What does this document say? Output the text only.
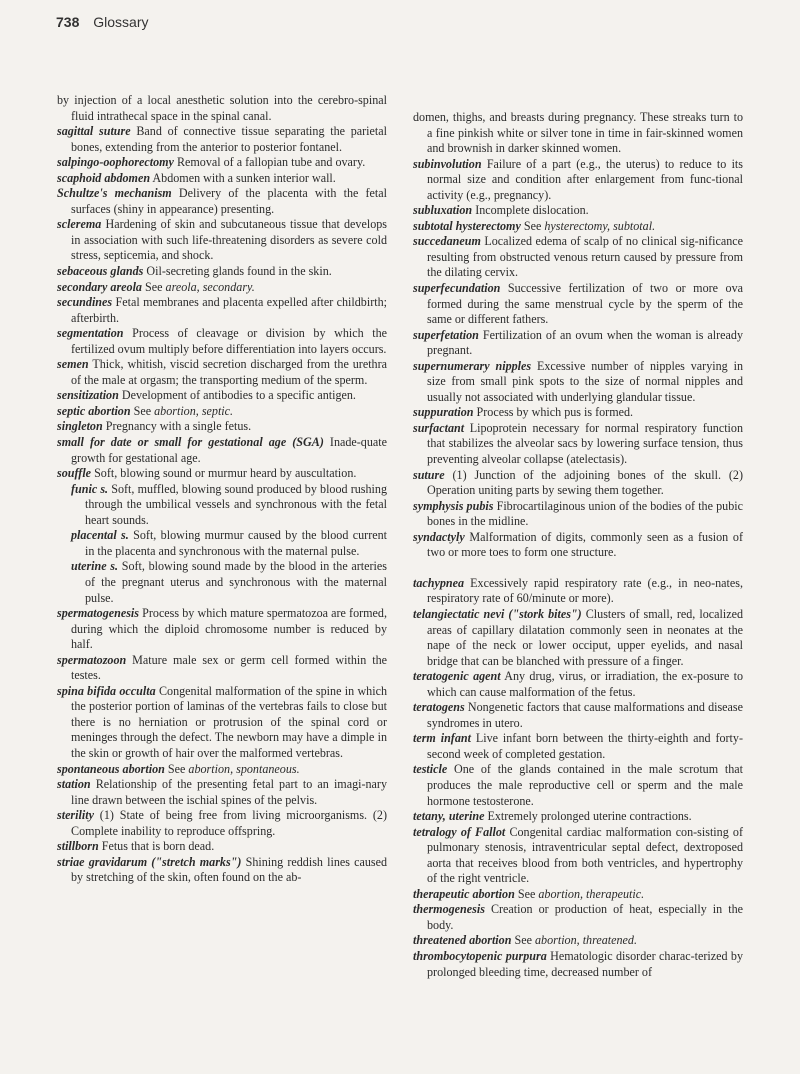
738 Glossary

by injection of a local anesthetic solution into the cerebro-spinal fluid intrathecal space in the spinal canal.

sagittal suture Band of connective tissue separating the parietal bones, extending from the anterior to posterior fontanel.

salpingo-oophorectomy Removal of a fallopian tube and ovary.

scaphoid abdomen Abdomen with a sunken interior wall.

Schultze's mechanism Delivery of the placenta with the fetal surfaces (shiny in appearance) presenting.

sclerema Hardening of skin and subcutaneous tissue that develops in association with such life-threatening disorders as severe cold stress, septicemia, and shock.

sebaceous glands Oil-secreting glands found in the skin.

secondary areola See areola, secondary.

secundines Fetal membranes and placenta expelled after childbirth; afterbirth.

segmentation Process of cleavage or division by which the fertilized ovum multiply before differentiation into layers occurs.

semen Thick, whitish, viscid secretion discharged from the urethra of the male at orgasm; the transporting medium of the sperm.

sensitization Development of antibodies to a specific antigen.

septic abortion See abortion, septic.

singleton Pregnancy with a single fetus.

small for date or small for gestational age (SGA) Inade-quate growth for gestational age.

souffle Soft, blowing sound or murmur heard by auscultation.

funic s. Soft, muffled, blowing sound produced by blood rushing through the umbilical vessels and synchronous with the fetal heart sounds.

placental s. Soft, blowing murmur caused by the blood current in the placenta and synchronous with the maternal pulse.

uterine s. Soft, blowing sound made by the blood in the arteries of the pregnant uterus and synchronous with the maternal pulse.

spermatogenesis Process by which mature spermatozoa are formed, during which the diploid chromosome number is reduced by half.

spermatozoon Mature male sex or germ cell formed within the testes.

spina bifida occulta Congenital malformation of the spine in which the posterior portion of laminas of the vertebras fails to close but there is no herniation or protrusion of the spinal cord or meninges through the defect. The newborn may have a dimple in the skin or growth of hair over the malformed vertebras.

spontaneous abortion See abortion, spontaneous.

station Relationship of the presenting fetal part to an imagi-nary line drawn between the ischial spines of the pelvis.

sterility (1) State of being free from living microorganisms. (2) Complete inability to reproduce offspring.

stillborn Fetus that is born dead.

striae gravidarum ("stretch marks") Shining reddish lines caused by stretching of the skin, often found on the ab-

domen, thighs, and breasts during pregnancy. These streaks turn to a fine pinkish white or silver tone in time in fair-skinned women and brownish in darker skinned women.

subinvolution Failure of a part (e.g., the uterus) to reduce to its normal size and condition after enlargement from func-tional activity (e.g., pregnancy).

subluxation Incomplete dislocation.

subtotal hysterectomy See hysterectomy, subtotal.

succedaneum Localized edema of scalp of no clinical sig-nificance resulting from obstructed venous return caused by pressure from the dilating cervix.

superfecundation Successive fertilization of two or more ova formed during the same menstrual cycle by the sperm of the same or different fathers.

superfetation Fertilization of an ovum when the woman is already pregnant.

supernumerary nipples Excessive number of nipples varying in size from small pink spots to the size of normal nipples and usually not associated with underlying glandular tissue.

suppuration Process by which pus is formed.

surfactant Lipoprotein necessary for normal respiratory function that stabilizes the alveolar sacs by lowering surface tension, thus preventing alveolar collapse (atelectasis).

suture (1) Junction of the adjoining bones of the skull. (2) Operation uniting parts by sewing them together.

symphysis pubis Fibrocartilaginous union of the bodies of the pubic bones in the midline.

syndactyly Malformation of digits, commonly seen as a fusion of two or more toes to form one structure.

tachypnea Excessively rapid respiratory rate (e.g., in neo-nates, respiratory rate of 60/minute or more).

telangiectatic nevi ("stork bites") Clusters of small, red, localized areas of capillary dilatation commonly seen in neonates at the nape of the neck or lower occiput, upper eyelids, and nasal bridge that can be blanched with pressure of a finger.

teratogenic agent Any drug, virus, or irradiation, the ex-posure to which can cause malformation of the fetus.

teratogens Nongenetic factors that cause malformations and disease syndromes in utero.

term infant Live infant born between the thirty-eighth and forty-second week of completed gestation.

testicle One of the glands contained in the male scrotum that produces the male reproductive cell or sperm and the male hormone testosterone.

tetany, uterine Extremely prolonged uterine contractions.

tetralogy of Fallot Congenital cardiac malformation con-sisting of pulmonary stenosis, intraventricular septal defect, dextroposed aorta that receives blood from both ventricles, and hypertrophy of the right ventricle.

therapeutic abortion See abortion, therapeutic.

thermogenesis Creation or production of heat, especially in the body.

threatened abortion See abortion, threatened.

thrombocytopenic purpura Hematologic disorder charac-terized by prolonged bleeding time, decreased number of
